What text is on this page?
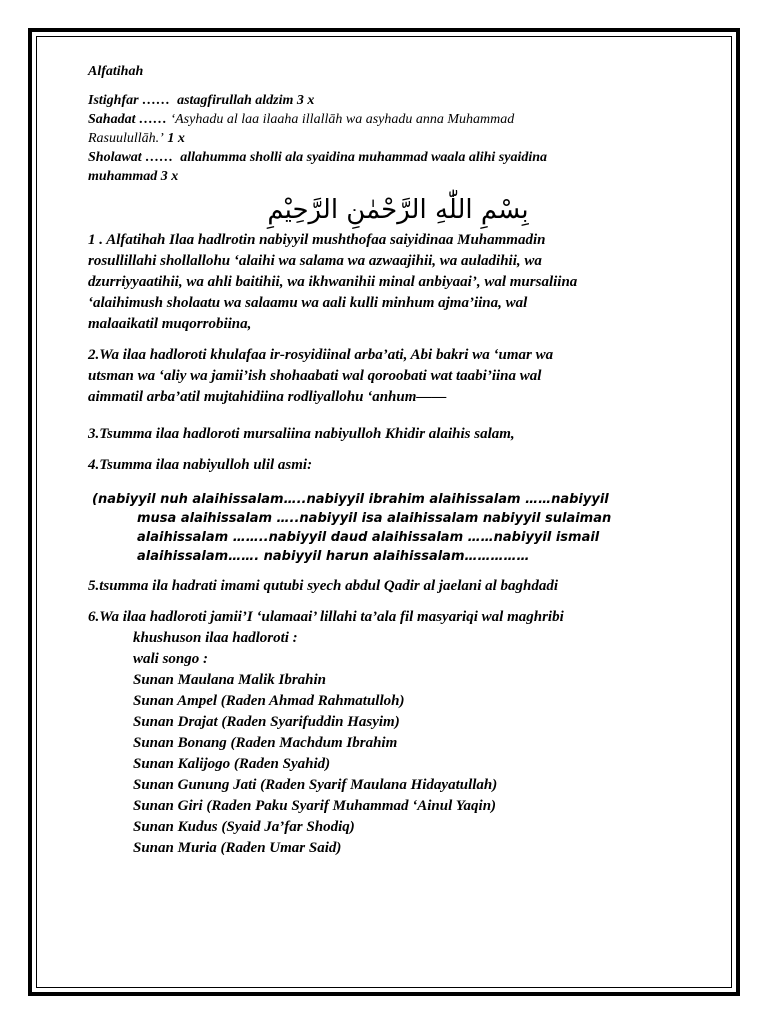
Alfatihah

Istighfar …… astagfirullah aldzim 3 x

Sahadat …… ‘Asyhadu al laa ilaaha illallāh wa asyhadu anna Muhammad
Rasuulullāh.’ 1 x

Sholawat …… allahumma sholli ala syaidina muhammad waala alihi syaidina
muhammad 3 x

بِسْمِ اللّٰهِ الرَّحْمٰنِ الرَّحِيْمِ

1 . Alfatihah Ilaa hadlrotin nabiyyil mushthofaa saiyidinaa Muhammadin
rosullillahi shollallohu ‘alaihi wa salama wa azwaajihii, wa auladihii, wa
dzurriyyaatihii, wa ahli baitihii, wa ikhwanihii minal anbiyaai’, wal mursaliina
‘alaihimush sholaatu wa salaamu wa aali kulli minhum ajma’iina, wal
malaaikatil muqorrobiina,

2.Wa ilaa hadloroti khulafaa ir-rosyidiinal arba’ati, Abi bakri wa ‘umar wa
utsman wa ‘aliy wa jamii’ish shohaabati wal qoroobati wat taabi’iina wal
aimmatil arba’atil mujtahidiina rodliyallohu ‘anhum——

3.Tsumma ilaa hadloroti mursaliina nabiyulloh Khidir alaihis salam,

4.Tsumma ilaa nabiyulloh ulil asmi:

(nabiyyil nuh alaihissalam…..nabiyyil ibrahim alaihissalam ……nabiyyil
musa alaihissalam …..nabiyyil isa alaihissalam nabiyyil sulaiman
alaihissalam ……..nabiyyil daud alaihissalam ……nabiyyil ismail
alaihissalam……. nabiyyil harun alaihissalam……………

5.tsumma ila hadrati imami qutubi syech abdul Qadir al jaelani al baghdadi

6.Wa ilaa hadloroti jamii’I ‘ulamaai’ lillahi ta’ala fil masyariqi wal maghribi
khushuson ilaa hadloroti :
wali songo :
Sunan Maulana Malik Ibrahin
Sunan Ampel (Raden Ahmad Rahmatulloh)
Sunan Drajat (Raden Syarifuddin Hasyim)
Sunan Bonang (Raden Machdum Ibrahim
Sunan Kalijogo (Raden Syahid)
Sunan Gunung Jati (Raden Syarif Maulana Hidayatullah)
Sunan Giri (Raden Paku Syarif Muhammad ‘Ainul Yaqin)
Sunan Kudus (Syaid Ja’far Shodiq)
Sunan Muria (Raden Umar Said)
